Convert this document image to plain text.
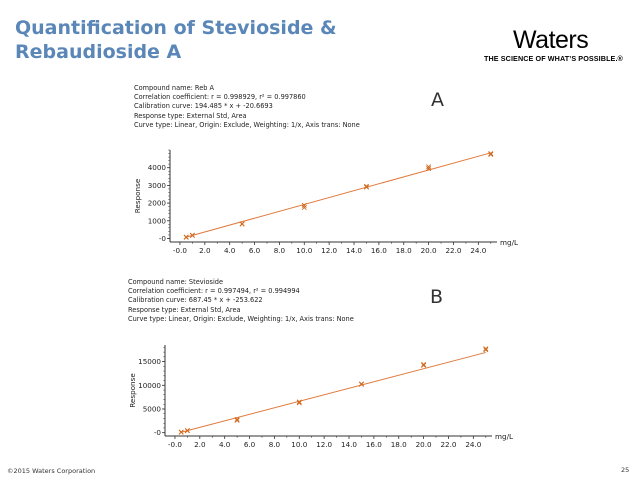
Quantification of Stevioside &
Rebaudioside A	Waters
THE SCIENCE OF WHAT’S POSSIBLE.®
Compound name: Reb A
Correlation coefficient: r = 0.998929, r² = 0.997860
Calibration curve: 194.485 * x + -20.6693
Response type: External Std, Area
Curve type: Linear, Origin: Exclude, Weighting: 1/x, Axis trans: None
A
Compound name: Stevioside
Correlation coefficient: r = 0.997494, r² = 0.994994
Calibration curve: 687.45 * x + -253.622
Response type: External Std, Area
Curve type: Linear, Origin: Exclude, Weighting: 1/x, Axis trans: None
B
-0.0 2.0 4.0 6.0 8.0 10.0 12.0 14.0 16.0 18.0 20.0 22.0 24.0
-0
1000
2000
3000
4000
mg/L
Response
-0.0 2.0 4.0 6.0 8.0 10.0 12.0 14.0 16.0 18.0 20.0 22.0 24.0
-0
5000
10000
15000
mg/L
Response
©2015 Waters Corporation	25
